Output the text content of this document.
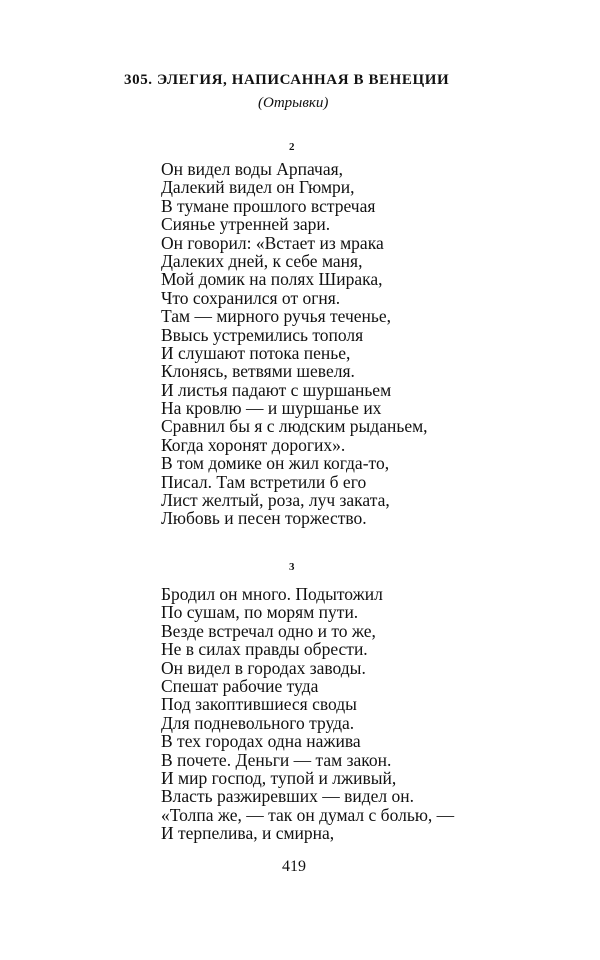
305. ЭЛЕГИЯ, НАПИСАННАЯ В ВЕНЕЦИИ
(Отрывки)
2
Он видел воды Арпачая,
Далекий видел он Гюмри,
В тумане прошлого встречая
Сиянье утренней зари.
Он говорил: «Встает из мрака
Далеких дней, к себе маня,
Мой домик на полях Ширака,
Что сохранился от огня.
Там — мирного ручья теченье,
Ввысь устремились тополя
И слушают потока пенье,
Клонясь, ветвями шевеля.
И листья падают с шуршаньем
На кровлю — и шуршанье их
Сравнил бы я с людским рыданьем,
Когда хоронят дорогих».
В том домике он жил когда-то,
Писал. Там встретили б его
Лист желтый, роза, луч заката,
Любовь и песен торжество.
3
Бродил он много. Подытожил
По сушам, по морям пути.
Везде встречал одно и то же,
Не в силах правды обрести.
Он видел в городах заводы.
Спешат рабочие туда
Под закоптившиеся своды
Для подневольного труда.
В тех городах одна нажива
В почете. Деньги — там закон.
И мир господ, тупой и лживый,
Власть разжиревших — видел он.
«Толпа же, — так он думал с болью, —
И терпелива, и смирна,
419
